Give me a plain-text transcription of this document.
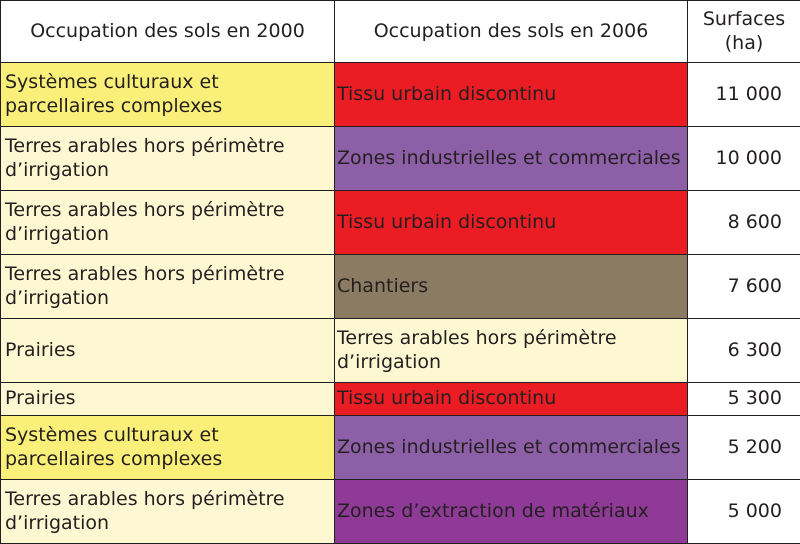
Occupation des sols en 2000	Occupation des sols en 2006	Surfaces
(ha)
Systèmes culturaux et parcellaires complexes	Tissu urbain discontinu	11 000
Terres arables hors périmètre d’irrigation	Zones industrielles et commerciales	10 000
Terres arables hors périmètre d’irrigation	Tissu urbain discontinu	8 600
Terres arables hors périmètre d’irrigation	Chantiers	7 600
Prairies	Terres arables hors périmètre d’irrigation	6 300
Prairies	Tissu urbain discontinu	5 300
Systèmes culturaux et parcellaires complexes	Zones industrielles et commerciales	5 200
Terres arables hors périmètre d’irrigation	Zones d’extraction de matériaux	5 000
